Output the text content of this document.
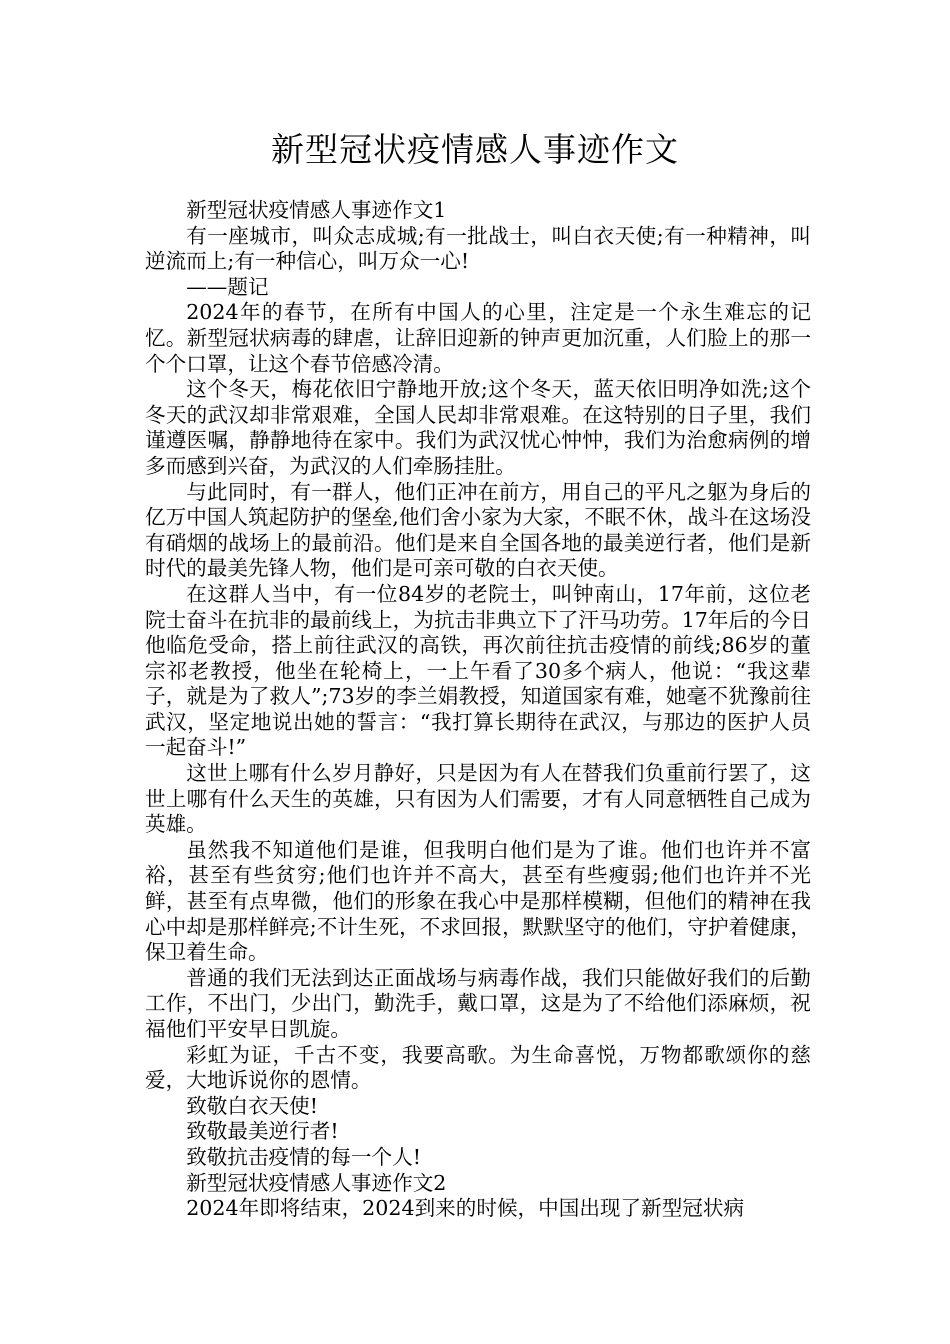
新型冠状疫情感人事迹作文

新型冠状疫情感人事迹作文1

有一座城市，叫众志成城;有一批战士，叫白衣天使;有一种精神，叫逆流而上;有一种信心，叫万众一心!

——题记

2024年的春节，在所有中国人的心里，注定是一个永生难忘的记忆。新型冠状病毒的肆虐，让辞旧迎新的钟声更加沉重，人们脸上的那一个个口罩，让这个春节倍感冷清。

这个冬天，梅花依旧宁静地开放;这个冬天，蓝天依旧明净如洗;这个冬天的武汉却非常艰难，全国人民却非常艰难。在这特别的日子里，我们谨遵医嘱，静静地待在家中。我们为武汉忧心忡忡，我们为治愈病例的增多而感到兴奋，为武汉的人们牵肠挂肚。

与此同时，有一群人，他们正冲在前方，用自己的平凡之躯为身后的亿万中国人筑起防护的堡垒,他们舍小家为大家，不眠不休，战斗在这场没有硝烟的战场上的最前沿。他们是来自全国各地的最美逆行者，他们是新时代的最美先锋人物，他们是可亲可敬的白衣天使。

在这群人当中，有一位84岁的老院士，叫钟南山，17年前，这位老院士奋斗在抗非的最前线上，为抗击非典立下了汗马功劳。17年后的今日他临危受命，搭上前往武汉的高铁，再次前往抗击疫情的前线;86岁的董宗祁老教授，他坐在轮椅上，一上午看了30多个病人，他说：“我这辈子，就是为了救人”;73岁的李兰娟教授，知道国家有难，她毫不犹豫前往武汉，坚定地说出她的誓言：“我打算长期待在武汉，与那边的医护人员一起奋斗!”

这世上哪有什么岁月静好，只是因为有人在替我们负重前行罢了，这世上哪有什么天生的英雄，只有因为人们需要，才有人同意牺牲自己成为英雄。

虽然我不知道他们是谁，但我明白他们是为了谁。他们也许并不富裕，甚至有些贫穷;他们也许并不高大，甚至有些瘦弱;他们也许并不光鲜，甚至有点卑微，他们的形象在我心中是那样模糊，但他们的精神在我心中却是那样鲜亮;不计生死，不求回报，默默坚守的他们，守护着健康，保卫着生命。

普通的我们无法到达正面战场与病毒作战，我们只能做好我们的后勤工作，不出门，少出门，勤洗手，戴口罩，这是为了不给他们添麻烦，祝福他们平安早日凯旋。

彩虹为证，千古不变，我要高歌。为生命喜悦，万物都歌颂你的慈爱，大地诉说你的恩情。

致敬白衣天使!

致敬最美逆行者!

致敬抗击疫情的每一个人!

新型冠状疫情感人事迹作文2

2024年即将结束，2024到来的时候，中国出现了新型冠状病
